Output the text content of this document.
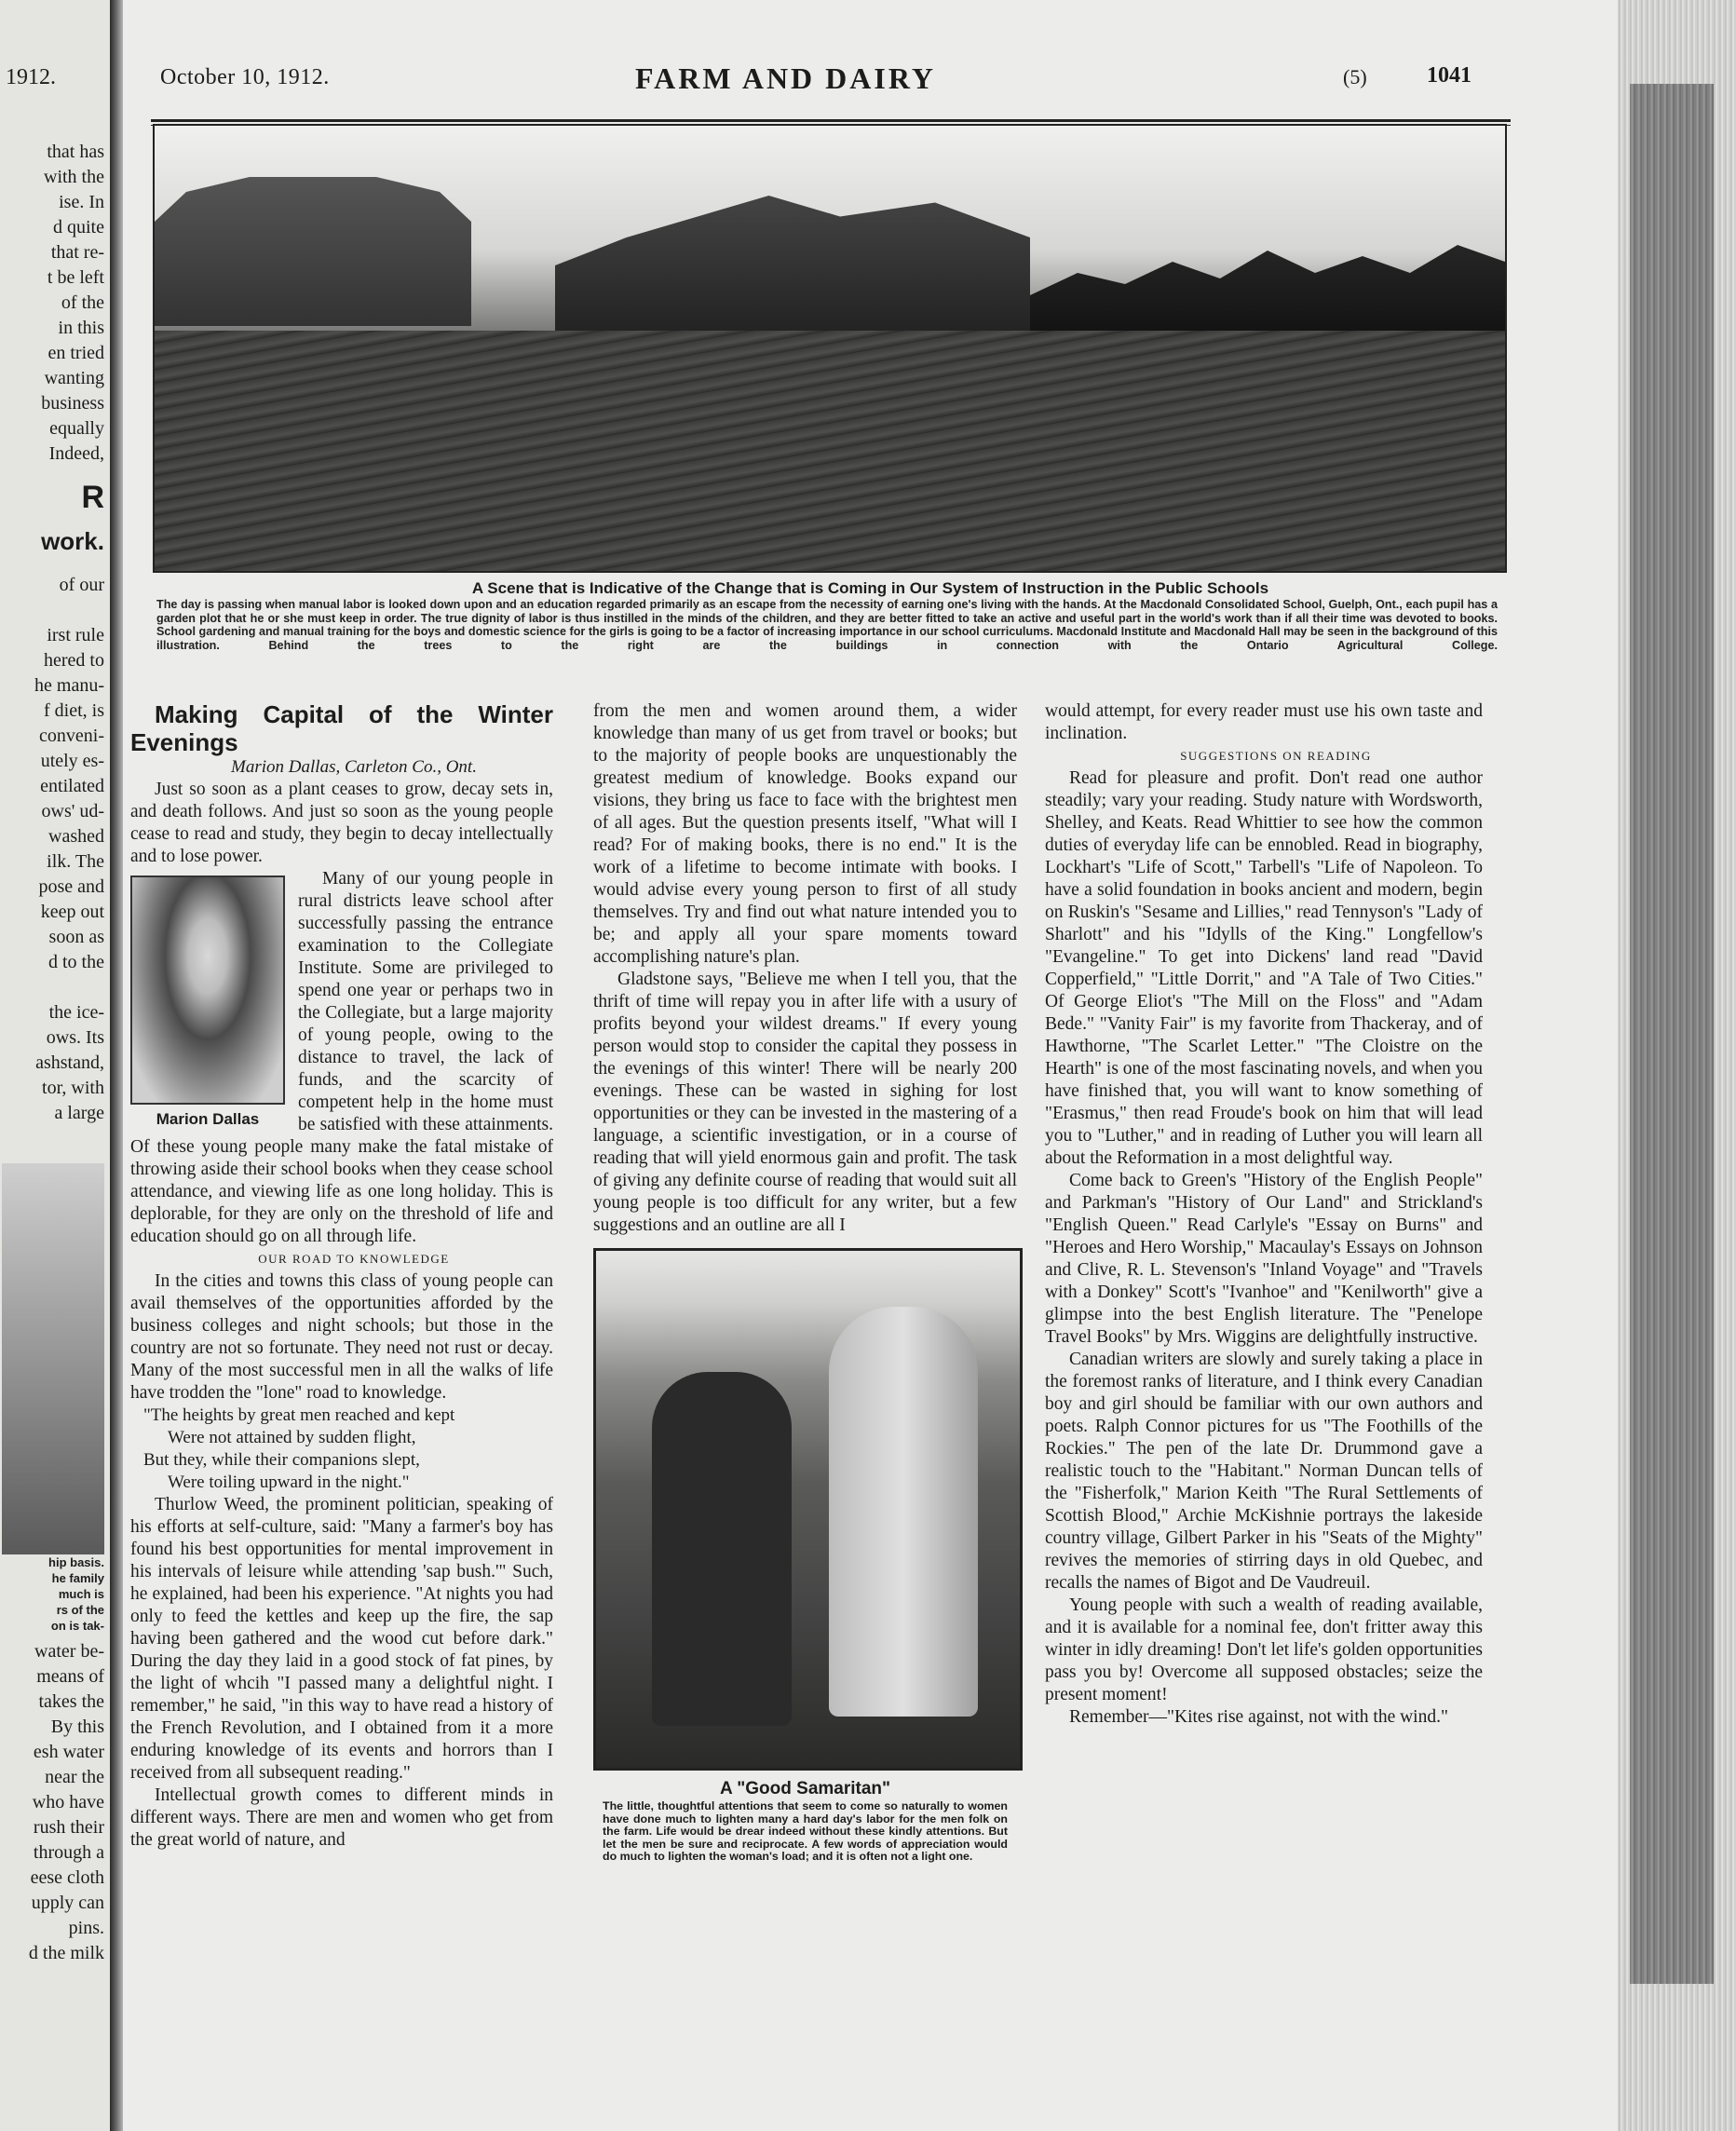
1912.
that has
with the
ise. In
d quite
that re-
t be left
of the
in this
en tried
wanting
business
equally
Indeed,
R
work.
of our

irst rule
hered to
he manu-
f diet, is
conveni-
utely es-
entilated
ows' ud-
washed
ilk. The
pose and
keep out
soon as
d to the

the ice-
ows. Its
ashstand,
tor, with
a large
hip basis.
he family
much is
rs of the
on is tak-
water be-
means of
takes the
By this
esh water
near the
who have
rush their
through a
eese cloth
upply can
pins.
d the milk
October 10, 1912.	FARM AND DAIRY	(5)	1041
A Scene that is Indicative of the Change that is Coming in Our System of Instruction in the Public Schools
The day is passing when manual labor is looked down upon and an education regarded primarily as an escape from the necessity of earning one's living with the hands. At the Macdonald Consolidated School, Guelph, Ont., each pupil has a garden plot that he or she must keep in order. The true dignity of labor is thus instilled in the minds of the children, and they are better fitted to take an active and useful part in the world's work than if all their time was devoted to books. School gardening and manual training for the boys and domestic science for the girls is going to be a factor of increasing importance in our school curriculums. Macdonald Institute and Macdonald Hall may be seen in the background of this illustration. Behind the trees to the right are the buildings in connection with the Ontario Agricultural College.

Making Capital of the Winter Evenings

Marion Dallas, Carleton Co., Ont.

Just so soon as a plant ceases to grow, decay sets in, and death follows. And just so soon as the young people cease to read and study, they begin to decay intellectually and to lose power.

Marion Dallas

Many of our young people in rural districts leave school after successfully passing the entrance examination to the Collegiate Institute. Some are privileged to spend one year or perhaps two in the Collegiate, but a large majority of young people, owing to the distance to travel, the lack of funds, and the scarcity of competent help in the home must be satisfied with these attainments. Of these young people many make the fatal mistake of throwing aside their school books when they cease school attendance, and viewing life as one long holiday. This is deplorable, for they are only on the threshold of life and education should go on all through life.

OUR ROAD TO KNOWLEDGE

In the cities and towns this class of young people can avail themselves of the opportunities afforded by the business colleges and night schools; but those in the country are not so fortunate. They need not rust or decay. Many of the most successful men in all the walks of life have trodden the "lone" road to knowledge.

"The heights by great men reached and kept

Were not attained by sudden flight,

But they, while their companions slept,

Were toiling upward in the night."

Thurlow Weed, the prominent politician, speaking of his efforts at self-culture, said: "Many a farmer's boy has found his best opportunities for mental improvement in his intervals of leisure while attending 'sap bush.'" Such, he explained, had been his experience. "At nights you had only to feed the kettles and keep up the fire, the sap having been gathered and the wood cut before dark." During the day they laid in a good stock of fat pines, by the light of whcih "I passed many a delightful night. I remember," he said, "in this way to have read a history of the French Revolution, and I obtained from it a more enduring knowledge of its events and horrors than I received from all subsequent reading."

Intellectual growth comes to different minds in different ways. There are men and women who get from the great world of nature, and

from the men and women around them, a wider knowledge than many of us get from travel or books; but to the majority of people books are unquestionably the greatest medium of knowledge. Books expand our visions, they bring us face to face with the brightest men of all ages. But the question presents itself, "What will I read? For of making books, there is no end." It is the work of a lifetime to become intimate with books. I would advise every young person to first of all study themselves. Try and find out what nature intended you to be; and apply all your spare moments toward accomplishing nature's plan.

Gladstone says, "Believe me when I tell you, that the thrift of time will repay you in after life with a usury of profits beyond your wildest dreams." If every young person would stop to consider the capital they possess in the evenings of this winter! There will be nearly 200 evenings. These can be wasted in sighing for lost opportunities or they can be invested in the mastering of a language, a scientific investigation, or in a course of reading that will yield enormous gain and profit. The task of giving any definite course of reading that would suit all young people is too difficult for any writer, but a few suggestions and an outline are all I

A "Good Samaritan"
The little, thoughtful attentions that seem to come so naturally to women have done much to lighten many a hard day's labor for the men folk on the farm. Life would be drear indeed without these kindly attentions. But let the men be sure and reciprocate. A few words of appreciation would do much to lighten the woman's load; and it is often not a light one.

would attempt, for every reader must use his own taste and inclination.

SUGGESTIONS ON READING

Read for pleasure and profit. Don't read one author steadily; vary your reading. Study nature with Wordsworth, Shelley, and Keats. Read Whittier to see how the common duties of everyday life can be ennobled. Read in biography, Lockhart's "Life of Scott," Tarbell's "Life of Napoleon. To have a solid foundation in books ancient and modern, begin on Ruskin's "Sesame and Lillies," read Tennyson's "Lady of Sharlott" and his "Idylls of the King." Longfellow's "Evangeline." To get into Dickens' land read "David Copperfield," "Little Dorrit," and "A Tale of Two Cities." Of George Eliot's "The Mill on the Floss" and "Adam Bede." "Vanity Fair" is my favorite from Thackeray, and of Hawthorne, "The Scarlet Letter." "The Cloistre on the Hearth" is one of the most fascinating novels, and when you have finished that, you will want to know something of "Erasmus," then read Froude's book on him that will lead you to "Luther," and in reading of Luther you will learn all about the Reformation in a most delightful way.

Come back to Green's "History of the English People" and Parkman's "History of Our Land" and Strickland's "English Queen." Read Carlyle's "Essay on Burns" and "Heroes and Hero Worship," Macaulay's Essays on Johnson and Clive, R. L. Stevenson's "Inland Voyage" and "Travels with a Donkey" Scott's "Ivanhoe" and "Kenilworth" give a glimpse into the best English literature. The "Penelope Travel Books" by Mrs. Wiggins are delightfully instructive.

Canadian writers are slowly and surely taking a place in the foremost ranks of literature, and I think every Canadian boy and girl should be familiar with our own authors and poets. Ralph Connor pictures for us "The Foothills of the Rockies." The pen of the late Dr. Drummond gave a realistic touch to the "Habitant." Norman Duncan tells of the "Fisherfolk," Marion Keith "The Rural Settlements of Scottish Blood," Archie McKishnie portrays the lakeside country village, Gilbert Parker in his "Seats of the Mighty" revives the memories of stirring days in old Quebec, and recalls the names of Bigot and De Vaudreuil.

Young people with such a wealth of reading available, and it is available for a nominal fee, don't fritter away this winter in idly dreaming! Don't let life's golden opportunities pass you by! Overcome all supposed obstacles; seize the present moment!

Remember—"Kites rise against, not with the wind."
